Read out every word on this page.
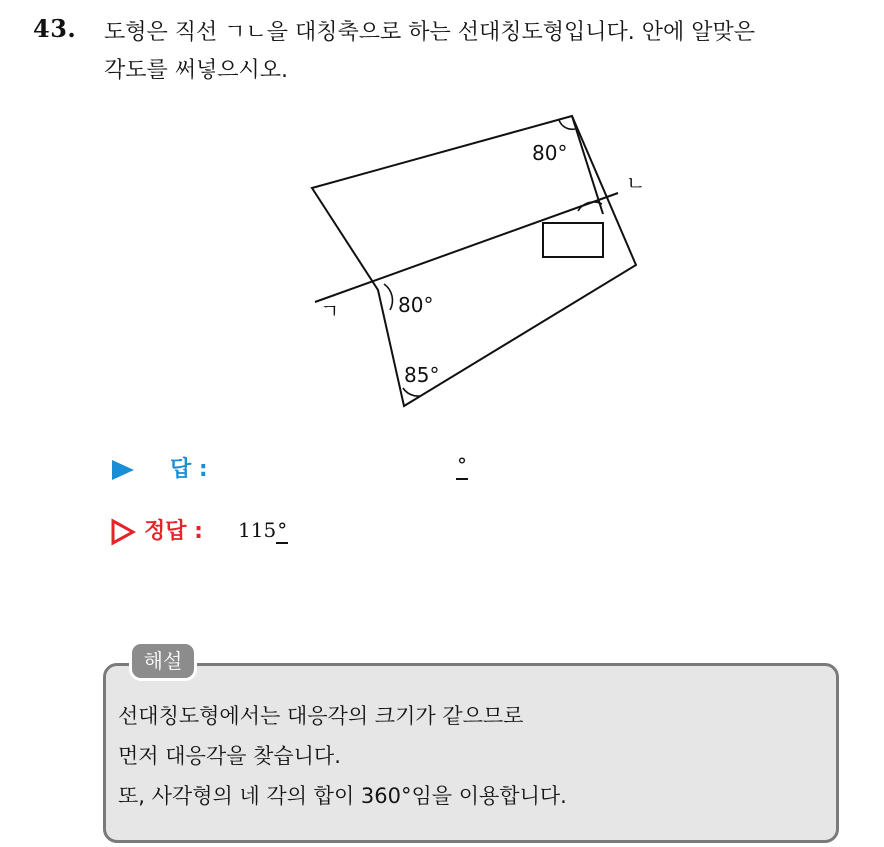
43. 도형은 직선 ㄱㄴ을 대칭축으로 하는 선대칭도형입니다. 안에 알맞은
각도를 써넣으시오.
80°
80°
85°
ㄱ
ㄴ
답 :	°
정답 : 115°
해설
선대칭도형에서는 대응각의 크기가 같으므로
먼저 대응각을 찾습니다.
또, 사각형의 네 각의 합이 360°임을 이용합니다.
